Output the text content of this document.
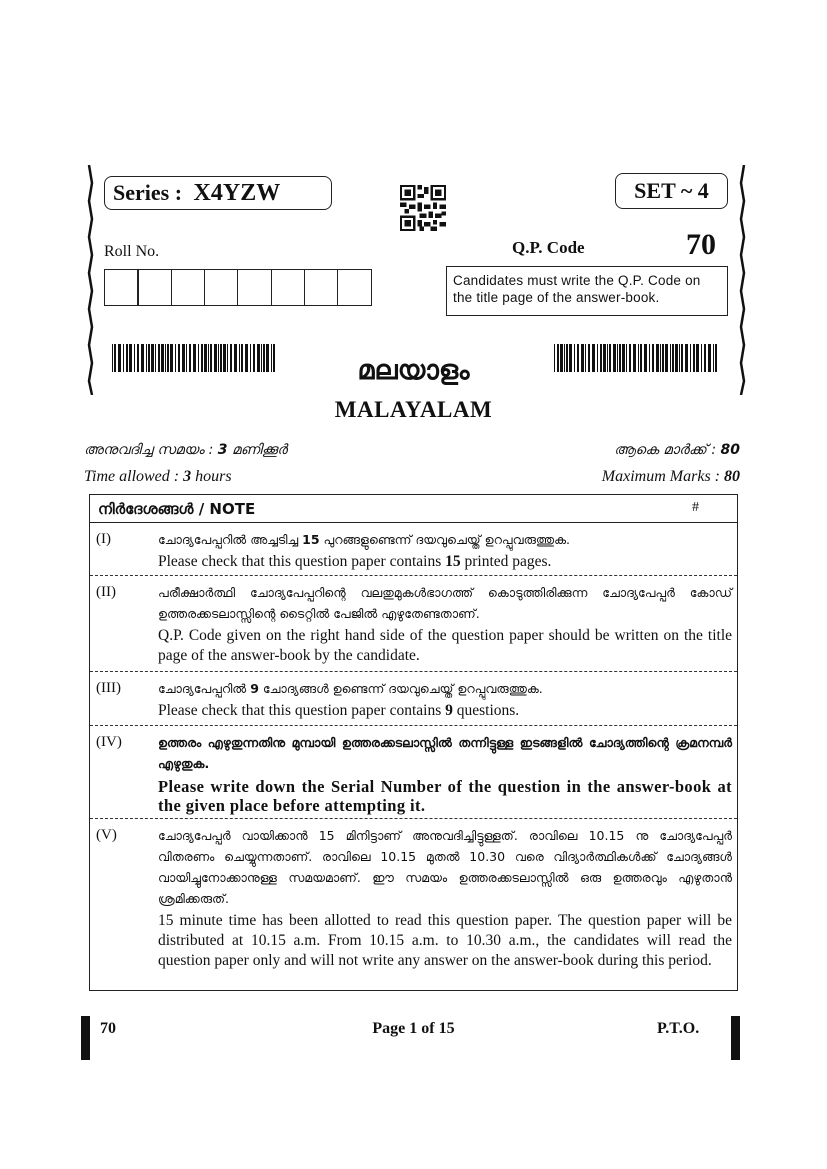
Series : X4YZW	SET ~ 4
Roll No.	Q.P. Code	70
Candidates must write the Q.P. Code on the title page of the answer-book.
മലയാളം
MALAYALAM
അനുവദിച്ച സമയം : 3 മണിക്കൂർ	ആകെ മാർക്ക് : 80
Time allowed : 3 hours	Maximum Marks : 80
നിർദേശങ്ങൾ / NOTE	#
(I)	ചോദ്യപേപ്പറിൽ അച്ചടിച്ച 15 പുറങ്ങളുണ്ടെന്ന് ദയവുചെയ്ത് ഉറപ്പുവരുത്തുക.
Please check that this question paper contains 15 printed pages.
(II)	പരീക്ഷാർത്ഥി ചോദ്യപേപ്പറിന്റെ വലതുമുകൾഭാഗത്ത് കൊടുത്തിരിക്കുന്ന ചോദ്യപേപ്പർ കോഡ് ഉത്തരക്കടലാസ്സിന്റെ ടൈറ്റിൽ പേജിൽ എഴുതേണ്ടതാണ്.
Q.P. Code given on the right hand side of the question paper should be written on the title page of the answer-book by the candidate.
(III)	ചോദ്യപേപ്പറിൽ 9 ചോദ്യങ്ങൾ ഉണ്ടെന്ന് ദയവുചെയ്ത് ഉറപ്പുവരുത്തുക.
Please check that this question paper contains 9 questions.
(IV)	ഉത്തരം എഴുതുന്നതിനു മുമ്പായി ഉത്തരക്കടലാസ്സിൽ തന്നിട്ടുള്ള ഇടങ്ങളിൽ ചോദ്യത്തിന്റെ ക്രമനമ്പർ എഴുതുക.
Please write down the Serial Number of the question in the answer-book at the given place before attempting it.
(V)	ചോദ്യപേപ്പർ വായിക്കാൻ 15 മിനിട്ടാണ് അനുവദിച്ചിട്ടുള്ളത്. രാവിലെ 10.15 നു ചോദ്യപേപ്പർ വിതരണം ചെയ്യുന്നതാണ്. രാവിലെ 10.15 മുതൽ 10.30 വരെ വിദ്യാർത്ഥികൾക്ക് ചോദ്യങ്ങൾ വായിച്ചുനോക്കാനുള്ള സമയമാണ്. ഈ സമയം ഉത്തരക്കടലാസ്സിൽ ഒരു ഉത്തരവും എഴുതാൻ ശ്രമിക്കരുത്.
15 minute time has been allotted to read this question paper. The question paper will be distributed at 10.15 a.m. From 10.15 a.m. to 10.30 a.m., the candidates will read the question paper only and will not write any answer on the answer-book during this period.
70	Page 1 of 15	P.T.O.
